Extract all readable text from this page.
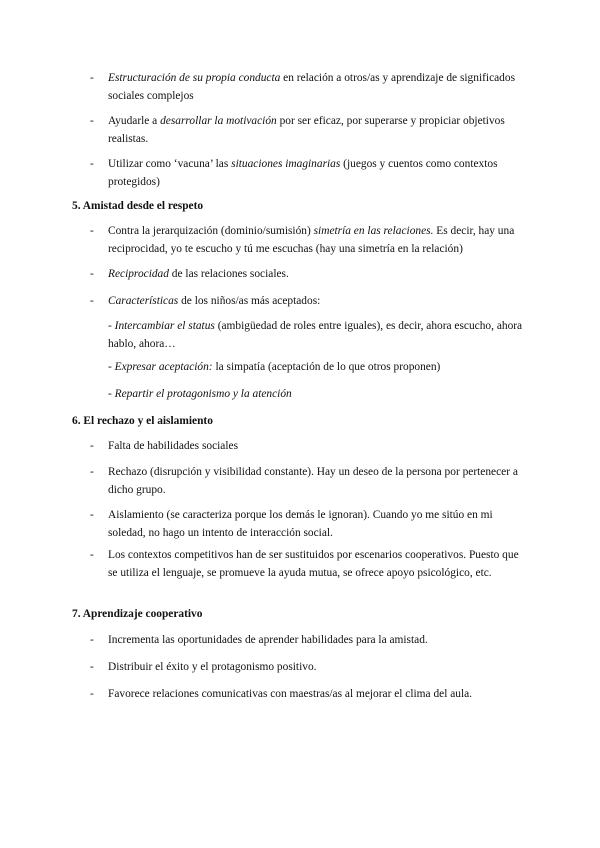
- Estructuración de su propia conducta en relación a otros/as y aprendizaje de significados sociales complejos
- Ayudarle a desarrollar la motivación por ser eficaz, por superarse y propiciar objetivos realistas.
- Utilizar como ‘vacuna’ las situaciones imaginarias (juegos y cuentos como contextos protegidos)
5. Amistad desde el respeto
- Contra la jerarquización (dominio/sumisión) simetría en las relaciones. Es decir, hay una reciprocidad, yo te escucho y tú me escuchas (hay una simetría en la relación)
- Reciprocidad de las relaciones sociales.
- Características de los niños/as más aceptados:
- Intercambiar el status (ambigüedad de roles entre iguales), es decir, ahora escucho, ahora hablo, ahora…
- Expresar aceptación: la simpatía (aceptación de lo que otros proponen)
- Repartir el protagonismo y la atención
6. El rechazo y el aislamiento
- Falta de habilidades sociales
- Rechazo (disrupción y visibilidad constante). Hay un deseo de la persona por pertenecer a dicho grupo.
- Aislamiento (se caracteriza porque los demás le ignoran). Cuando yo me sitúo en mi soledad, no hago un intento de interacción social.
- Los contextos competitivos han de ser sustituidos por escenarios cooperativos. Puesto que se utiliza el lenguaje, se promueve la ayuda mutua, se ofrece apoyo psicológico, etc.
7. Aprendizaje cooperativo
- Incrementa las oportunidades de aprender habilidades para la amistad.
- Distribuir el éxito y el protagonismo positivo.
- Favorece relaciones comunicativas con maestras/as al mejorar el clima del aula.
